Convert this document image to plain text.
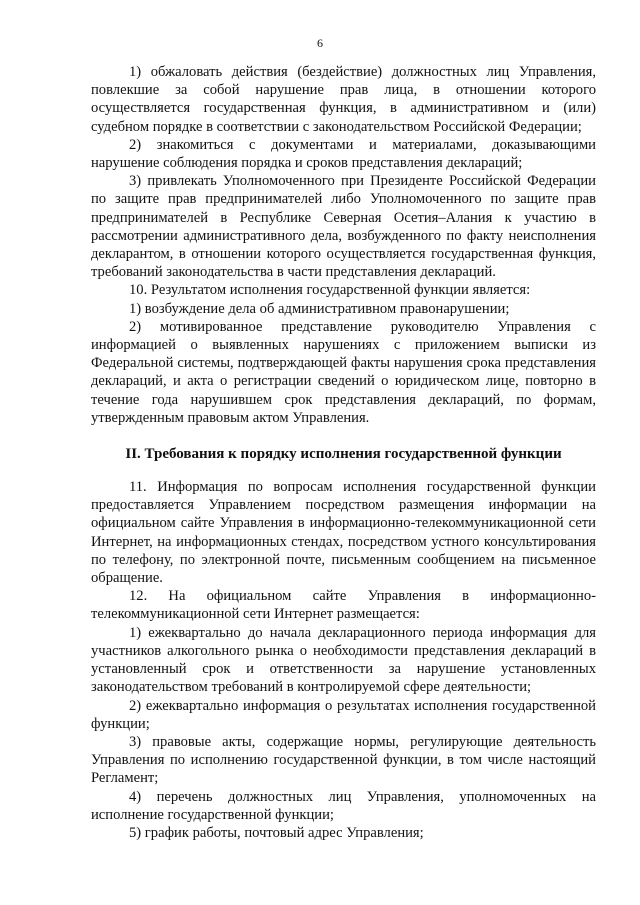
6

1) обжаловать действия (бездействие) должностных лиц Управления, повлекшие за собой нарушение прав лица, в отношении которого осуществляется государственная функция, в административном и (или) судебном порядке в соответствии с законодательством Российской Федерации;

2) знакомиться с документами и материалами, доказывающими нарушение соблюдения порядка и сроков представления деклараций;

3) привлекать Уполномоченного при Президенте Российской Федерации по защите прав предпринимателей либо Уполномоченного по защите прав предпринимателей в Республике Северная Осетия–Алания к участию в рассмотрении административного дела, возбужденного по факту неисполнения декларантом, в отношении которого осуществляется государственная функция, требований законодательства в части представления деклараций.

10. Результатом исполнения государственной функции является:

1) возбуждение дела об административном правонарушении;

2) мотивированное представление руководителю Управления с информацией о выявленных нарушениях с приложением выписки из Федеральной системы, подтверждающей факты нарушения срока представления деклараций, и акта о регистрации сведений о юридическом лице, повторно в течение года нарушившем срок представления деклараций, по формам, утвержденным правовым актом Управления.

II. Требования к порядку исполнения государственной функции

11. Информация по вопросам исполнения государственной функции предоставляется Управлением посредством размещения информации на официальном сайте Управления в информационно-телекоммуникационной сети Интернет, на информационных стендах, посредством устного консультирования по телефону, по электронной почте, письменным сообщением на письменное обращение.

12. На официальном сайте Управления в информационно-телекоммуникационной сети Интернет размещается:

1) ежеквартально до начала декларационного периода информация для участников алкогольного рынка о необходимости представления деклараций в установленный срок и ответственности за нарушение установленных законодательством требований в контролируемой сфере деятельности;

2) ежеквартально информация о результатах исполнения государственной функции;

3) правовые акты, содержащие нормы, регулирующие деятельность Управления по исполнению государственной функции, в том числе настоящий Регламент;

4) перечень должностных лиц Управления, уполномоченных на исполнение государственной функции;

5) график работы, почтовый адрес Управления;
